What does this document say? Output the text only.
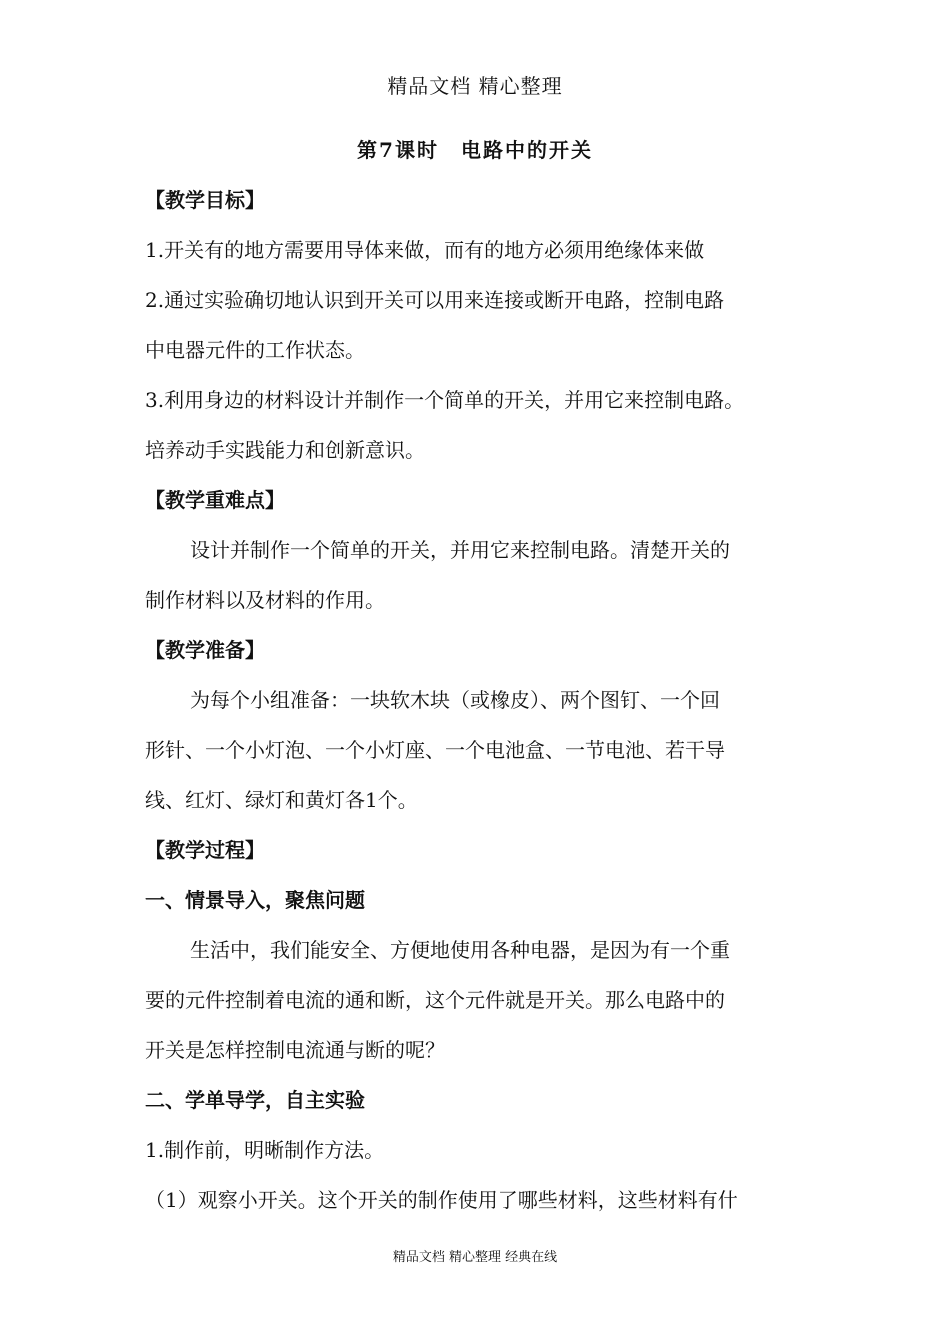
精品文档 精心整理
第7课时　电路中的开关
【教学目标】
1.开关有的地方需要用导体来做，而有的地方必须用绝缘体来做
2.通过实验确切地认识到开关可以用来连接或断开电路，控制电路
中电器元件的工作状态。
3.利用身边的材料设计并制作一个简单的开关，并用它来控制电路。
培养动手实践能力和创新意识。
【教学重难点】
设计并制作一个简单的开关，并用它来控制电路。清楚开关的
制作材料以及材料的作用。
【教学准备】
为每个小组准备：一块软木块（或橡皮）、两个图钉、一个回
形针、一个小灯泡、一个小灯座、一个电池盒、一节电池、若干导
线、红灯、绿灯和黄灯各1个。
【教学过程】
一、情景导入，聚焦问题
生活中，我们能安全、方便地使用各种电器，是因为有一个重
要的元件控制着电流的通和断，这个元件就是开关。那么电路中的
开关是怎样控制电流通与断的呢？
二、学单导学，自主实验
1.制作前，明晰制作方法。
（1）观察小开关。这个开关的制作使用了哪些材料，这些材料有什
精品文档 精心整理 经典在线
